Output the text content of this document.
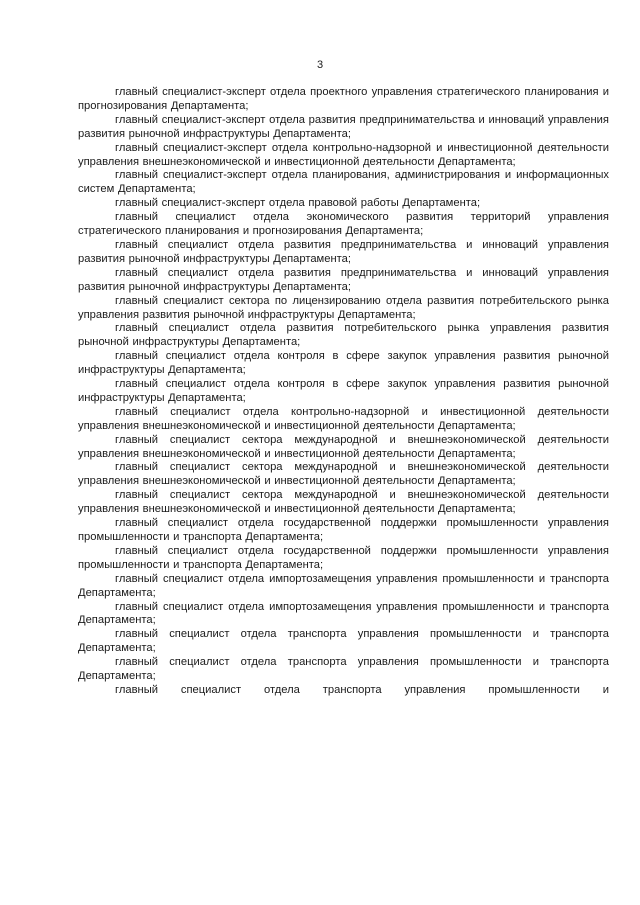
3

главный специалист-эксперт отдела проектного управления стратегического планирования и прогнозирования Департамента;

главный специалист-эксперт отдела развития предпринимательства и инноваций управления развития рыночной инфраструктуры Департамента;

главный специалист-эксперт отдела контрольно-надзорной и инвестиционной деятельности управления внешнеэкономической и инвестиционной деятельности Департамента;

главный специалист-эксперт отдела планирования, администрирования и информационных систем Департамента;

главный специалист-эксперт отдела правовой работы Департамента;

главный специалист отдела экономического развития территорий управления стратегического планирования и прогнозирования Департамента;

главный специалист отдела развития предпринимательства и инноваций управления развития рыночной инфраструктуры Департамента;

главный специалист отдела развития предпринимательства и инноваций управления развития рыночной инфраструктуры Департамента;

главный специалист сектора по лицензированию отдела развития потребительского рынка управления развития рыночной инфраструктуры Департамента;

главный специалист отдела развития потребительского рынка управления развития рыночной инфраструктуры Департамента;

главный специалист отдела контроля в сфере закупок управления развития рыночной инфраструктуры Департамента;

главный специалист отдела контроля в сфере закупок управления развития рыночной инфраструктуры Департамента;

главный специалист отдела контрольно-надзорной и инвестиционной деятельности управления внешнеэкономической и инвестиционной деятельности Департамента;

главный специалист сектора международной и внешнеэкономической деятельности управления внешнеэкономической и инвестиционной деятельности Департамента;

главный специалист сектора международной и внешнеэкономической деятельности управления внешнеэкономической и инвестиционной деятельности Департамента;

главный специалист сектора международной и внешнеэкономической деятельности управления внешнеэкономической и инвестиционной деятельности Департамента;

главный специалист отдела государственной поддержки промышленности управления промышленности и транспорта Департамента;

главный специалист отдела государственной поддержки промышленности управления промышленности и транспорта Департамента;

главный специалист отдела импортозамещения управления промышленности и транспорта Департамента;

главный специалист отдела импортозамещения управления промышленности и транспорта Департамента;

главный специалист отдела транспорта управления промышленности и транспорта Департамента;

главный специалист отдела транспорта управления промышленности и транспорта Департамента;

главный специалист отдела транспорта управления промышленности и
